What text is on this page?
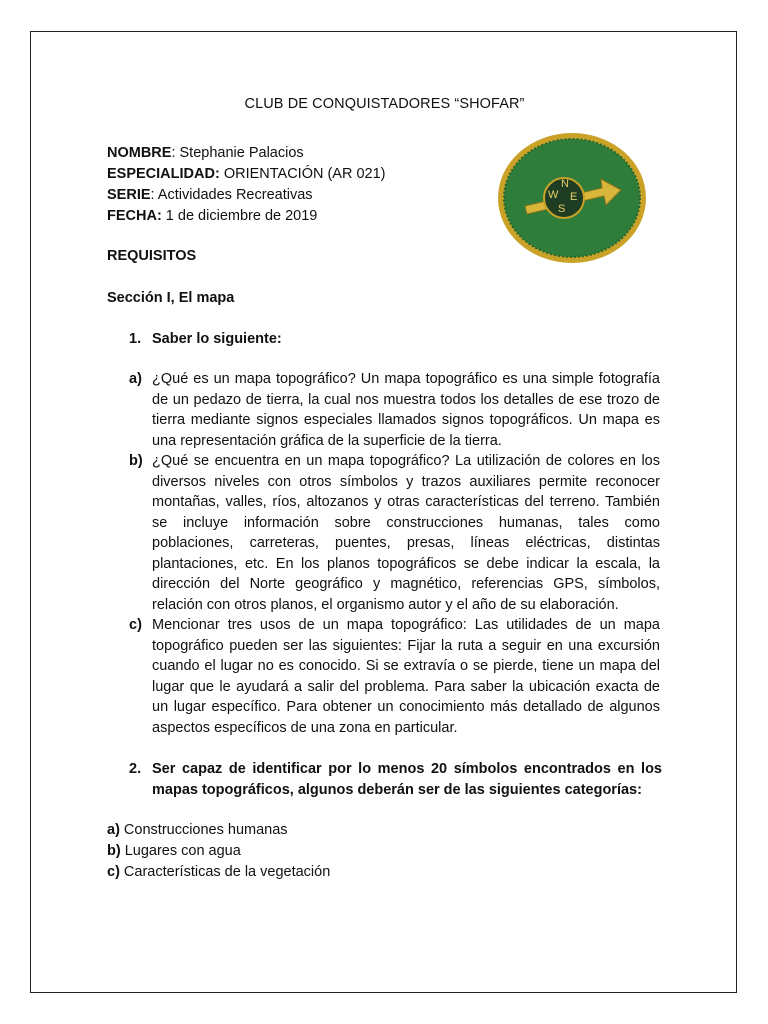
CLUB DE CONQUISTADORES “SHOFAR”
NOMBRE: Stephanie Palacios
ESPECIALIDAD: ORIENTACIÓN (AR 021)
SERIE: Actividades Recreativas
FECHA: 1 de diciembre de 2019
N
E
W
S
REQUISITOS
Sección I, El mapa
1. Saber lo siguiente:
a) ¿Qué es un mapa topográfico? Un mapa topográfico es una simple fotografía de un pedazo de tierra, la cual nos muestra todos los detalles de ese trozo de tierra mediante signos especiales llamados signos topográficos. Un mapa es una representación gráfica de la superficie de la tierra.
b) ¿Qué se encuentra en un mapa topográfico? La utilización de colores en los diversos niveles con otros símbolos y trazos auxiliares permite reconocer montañas, valles, ríos, altozanos y otras características del terreno. También se incluye información sobre construcciones humanas, tales como poblaciones, carreteras, puentes, presas, líneas eléctricas, distintas plantaciones, etc. En los planos topográficos se debe indicar la escala, la dirección del Norte geográfico y magnético, referencias GPS, símbolos, relación con otros planos, el organismo autor y el año de su elaboración.
c) Mencionar tres usos de un mapa topográfico: Las utilidades de un mapa topográfico pueden ser las siguientes: Fijar la ruta a seguir en una excursión cuando el lugar no es conocido. Si se extravía o se pierde, tiene un mapa del lugar que le ayudará a salir del problema. Para saber la ubicación exacta de un lugar específico. Para obtener un conocimiento más detallado de algunos aspectos específicos de una zona en particular.
2. Ser capaz de identificar por lo menos 20 símbolos encontrados en los mapas topográficos, algunos deberán ser de las siguientes categorías:
a) Construcciones humanas
b) Lugares con agua
c) Características de la vegetación
